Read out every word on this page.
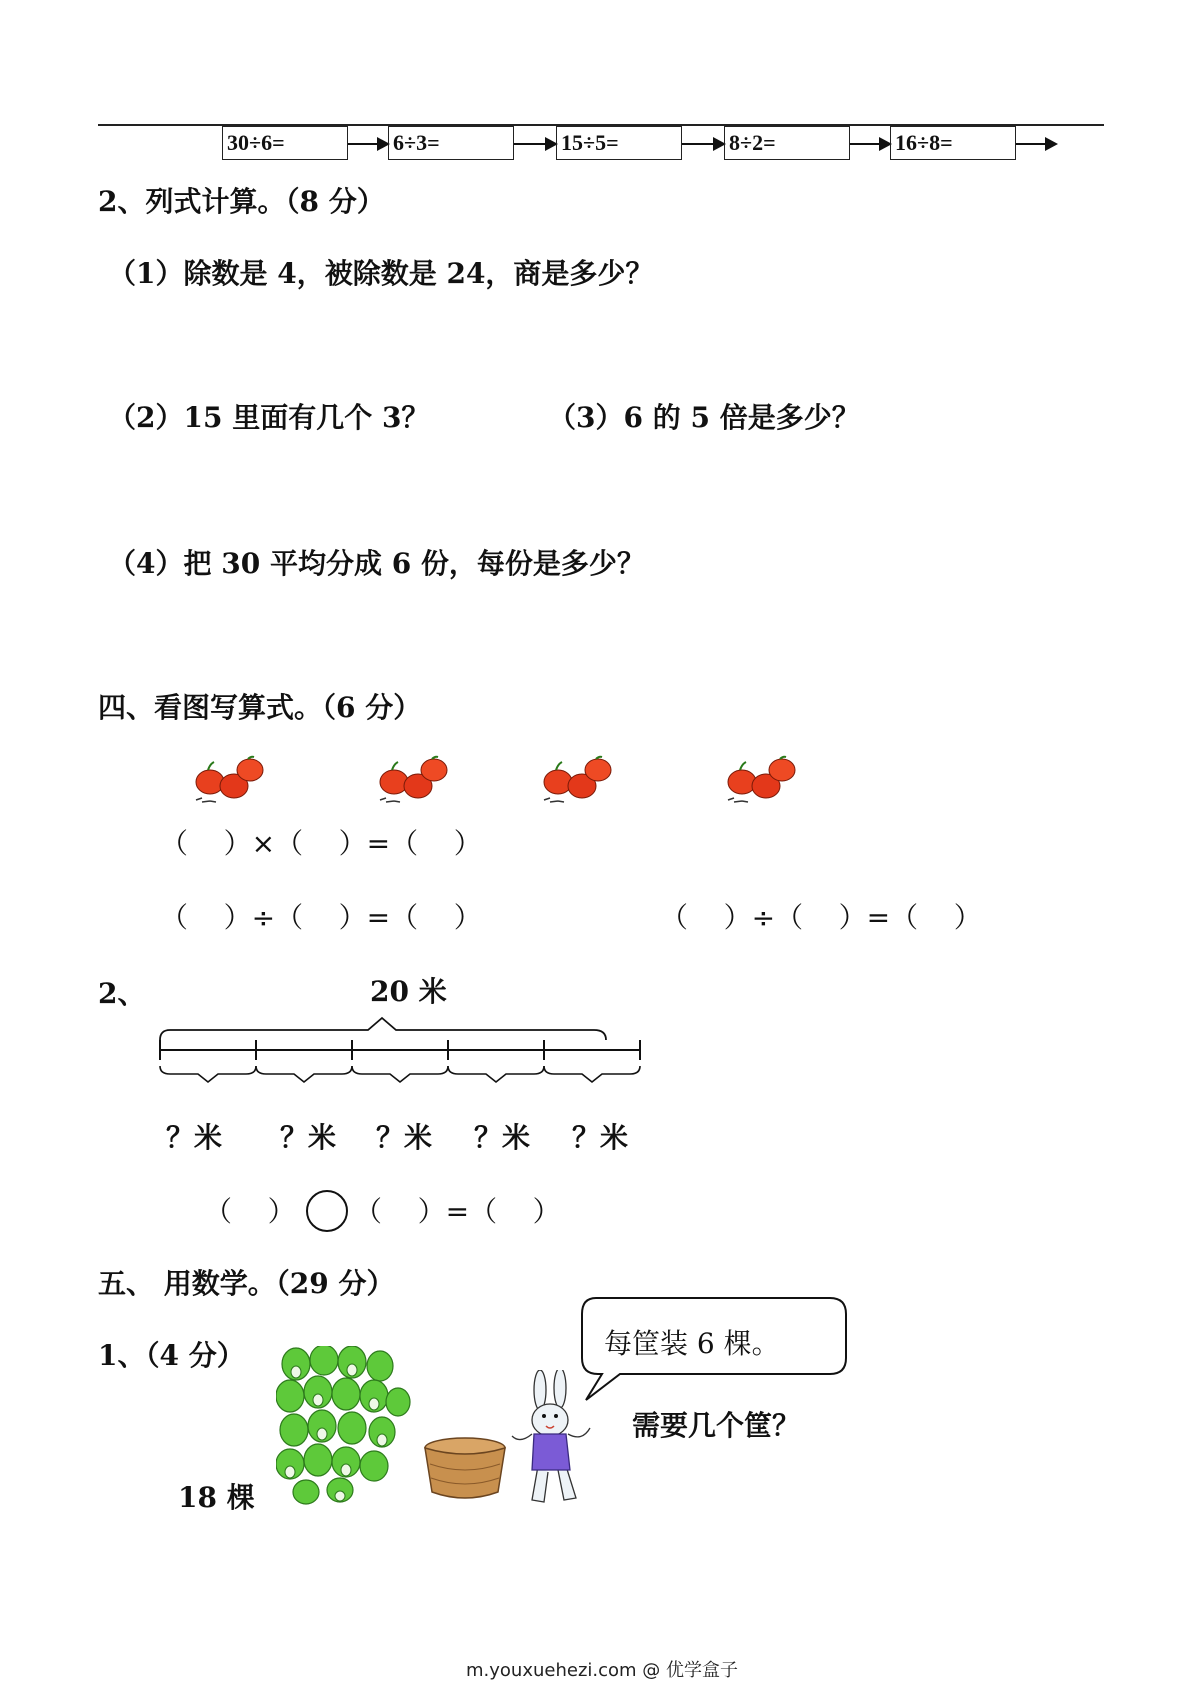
30÷6=	6÷3=	15÷5=	8÷2=	16÷8=
2、列式计算。（8 分）
（1）除数是 4，被除数是 24，商是多少？
（2）15 里面有几个 3？	（3）6 的 5 倍是多少？
（4）把 30 平均分成 6 份，每份是多少？
四、看图写算式。（6 分）
（    ）×（    ）=（    ）
（    ）÷（    ）=（    ）	（    ）÷（    ）=（    ）
2、	20 米
？米 ？米 ？米 ？米 ？米
（    ） （    ）=（    ）
五、 用数学。（29 分）
1、（4 分）	每筐装 6 棵。
需要几个筐？
18 棵
m.youxuehezi.com @ 优学盒子
